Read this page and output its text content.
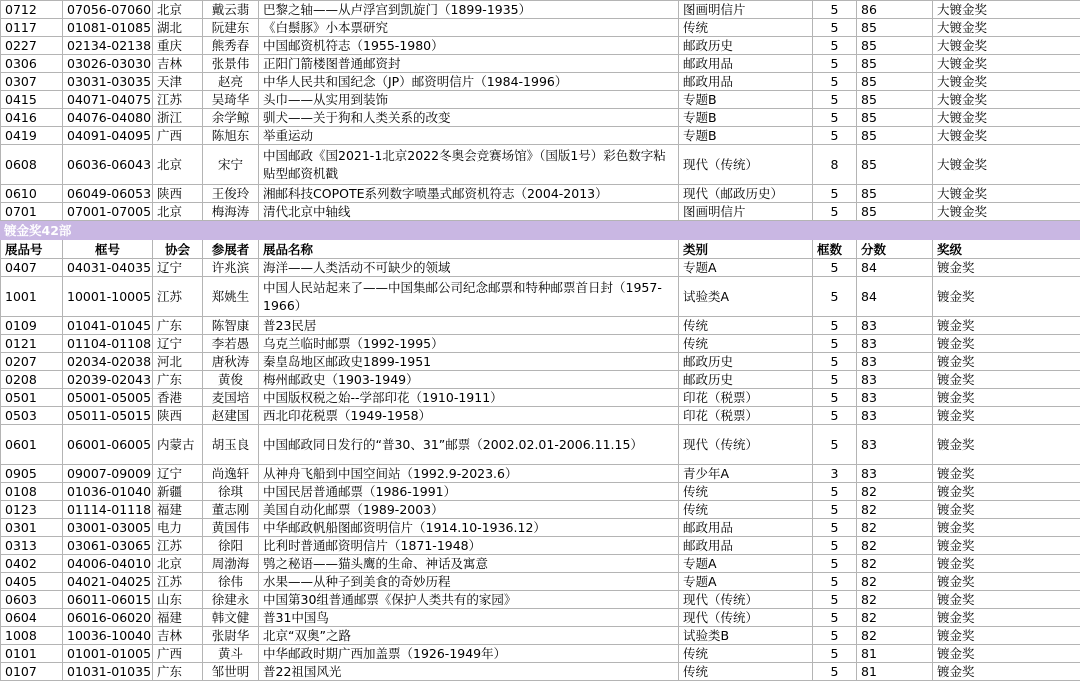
0712	07056-07060	北京	戴云翡	巴黎之轴——从卢浮宫到凯旋门（1899-1935）	图画明信片	5	86	大镀金奖
0117	01081-01085	湖北	阮建东	《白鬃豚》小本票研究	传统	5	85	大镀金奖
0227	02134-02138	重庆	熊秀春	中国邮资机符志（1955-1980）	邮政历史	5	85	大镀金奖
0306	03026-03030	吉林	张景伟	正阳门箭楼图普通邮资封	邮政用品	5	85	大镀金奖
0307	03031-03035	天津	赵亮	中华人民共和国纪念（JP）邮资明信片（1984-1996）	邮政用品	5	85	大镀金奖
0415	04071-04075	江苏	吴琦华	头巾——从实用到装饰	专题B	5	85	大镀金奖
0416	04076-04080	浙江	余学鲸	驯犬——关于狗和人类关系的改变	专题B	5	85	大镀金奖
0419	04091-04095	广西	陈旭东	举重运动	专题B	5	85	大镀金奖
0608	06036-06043	北京	宋宁	中国邮政《国2021-1北京2022冬奥会竞赛场馆》（国版1号）彩色数字粘贴型邮资机戳	现代（传统）	8	85	大镀金奖
0610	06049-06053	陕西	王俊玲	湘邮科技COPOTE系列数字喷墨式邮资机符志（2004-2013）	现代（邮政历史）	5	85	大镀金奖
0701	07001-07005	北京	梅海涛	清代北京中轴线	图画明信片	5	85	大镀金奖
镀金奖42部								
展品号	框号	协会	参展者	展品名称	类别	框数	分数	奖级
0407	04031-04035	辽宁	许兆滨	海洋——人类活动不可缺少的领域	专题A	5	84	镀金奖
1001	10001-10005	江苏	郑姚生	中国人民站起来了——中国集邮公司纪念邮票和特种邮票首日封（1957-1966）	试验类A	5	84	镀金奖
0109	01041-01045	广东	陈智康	普23民居	传统	5	83	镀金奖
0121	01104-01108	辽宁	李若愚	乌克兰临时邮票（1992-1995）	传统	5	83	镀金奖
0207	02034-02038	河北	唐秋涛	秦皇岛地区邮政史1899-1951	邮政历史	5	83	镀金奖
0208	02039-02043	广东	黄俊	梅州邮政史（1903-1949）	邮政历史	5	83	镀金奖
0501	05001-05005	香港	麦国培	中国版权税之始--学部印花（1910-1911）	印花（税票）	5	83	镀金奖
0503	05011-05015	陕西	赵建国	西北印花税票（1949-1958）	印花（税票）	5	83	镀金奖
0601	06001-06005	内蒙古	胡玉良	中国邮政同日发行的“普30、31”邮票（2002.02.01-2006.11.15）	现代（传统）	5	83	镀金奖
0905	09007-09009	辽宁	尚逸轩	从神舟飞船到中国空间站（1992.9-2023.6）	青少年A	3	83	镀金奖
0108	01036-01040	新疆	徐琪	中国民居普通邮票（1986-1991）	传统	5	82	镀金奖
0123	01114-01118	福建	董志刚	美国自动化邮票（1989-2003）	传统	5	82	镀金奖
0301	03001-03005	电力	黄国伟	中华邮政帆船图邮资明信片（1914.10-1936.12）	邮政用品	5	82	镀金奖
0313	03061-03065	江苏	徐阳	比利时普通邮资明信片（1871-1948）	邮政用品	5	82	镀金奖
0402	04006-04010	北京	周渤海	鸮之秘语——猫头鹰的生命、神话及寓意	专题A	5	82	镀金奖
0405	04021-04025	江苏	徐伟	水果——从种子到美食的奇妙历程	专题A	5	82	镀金奖
0603	06011-06015	山东	徐建永	中国第30组普通邮票《保护人类共有的家园》	现代（传统）	5	82	镀金奖
0604	06016-06020	福建	韩文健	普31中国鸟	现代（传统）	5	82	镀金奖
1008	10036-10040	吉林	张尉华	北京“双奥”之路	试验类B	5	82	镀金奖
0101	01001-01005	广西	黄斗	中华邮政时期广西加盖票（1926-1949年）	传统	5	81	镀金奖
0107	01031-01035	广东	邹世明	普22祖国风光	传统	5	81	镀金奖
